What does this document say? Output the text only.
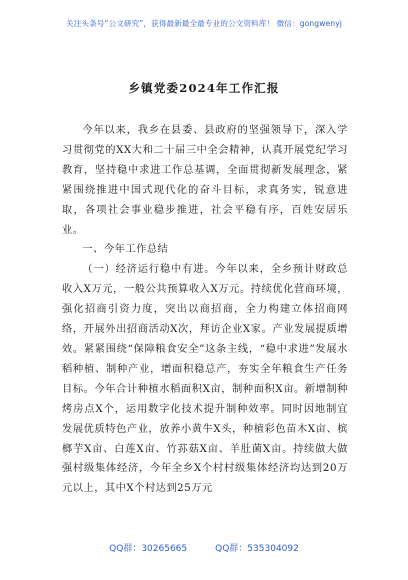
关注头条号“公文研究”，获得最新最全最专业的公文资料库！ 微信：gongwenyj
乡镇党委2024年工作汇报

今年以来，我乡在县委、县政府的坚强领导下，深入学习贯彻党的XX大和二十届三中全会精神，认真开展党纪学习教育，坚持稳中求进工作总基调，全面贯彻新发展理念，紧紧围绕推进中国式现代化的奋斗目标，求真务实，锐意进取，各项社会事业稳步推进，社会平稳有序，百姓安居乐业。

一、今年工作总结

（一）经济运行稳中有进。今年以来，全乡预计财政总收入X万元，一般公共预算收入X万元。持续优化营商环境，强化招商引资力度，突出以商招商，全力构建立体招商网络，开展外出招商活动X次，拜访企业X家。产业发展提质增效。紧紧围绕“保障粮食安全”这条主线，“稳中求进”发展水稻种植、制种产业，增面积稳总产，夯实全年粮食生产任务目标。今年合计种植水稻面积X亩，制种面积X亩。新增制种烤房点X个，运用数字化技术提升制种效率。同时因地制宜发展优质特色产业，放养小黄牛X头，种植彩色苗木X亩、槟榔芋X亩、白莲X亩、竹荪菇X亩、羊肚菌X亩。持续做大做强村级集体经济，今年全乡X个村村级集体经济均达到20万元以上，其中X个村达到25万元

QQ群：30265665	QQ群：535304092
